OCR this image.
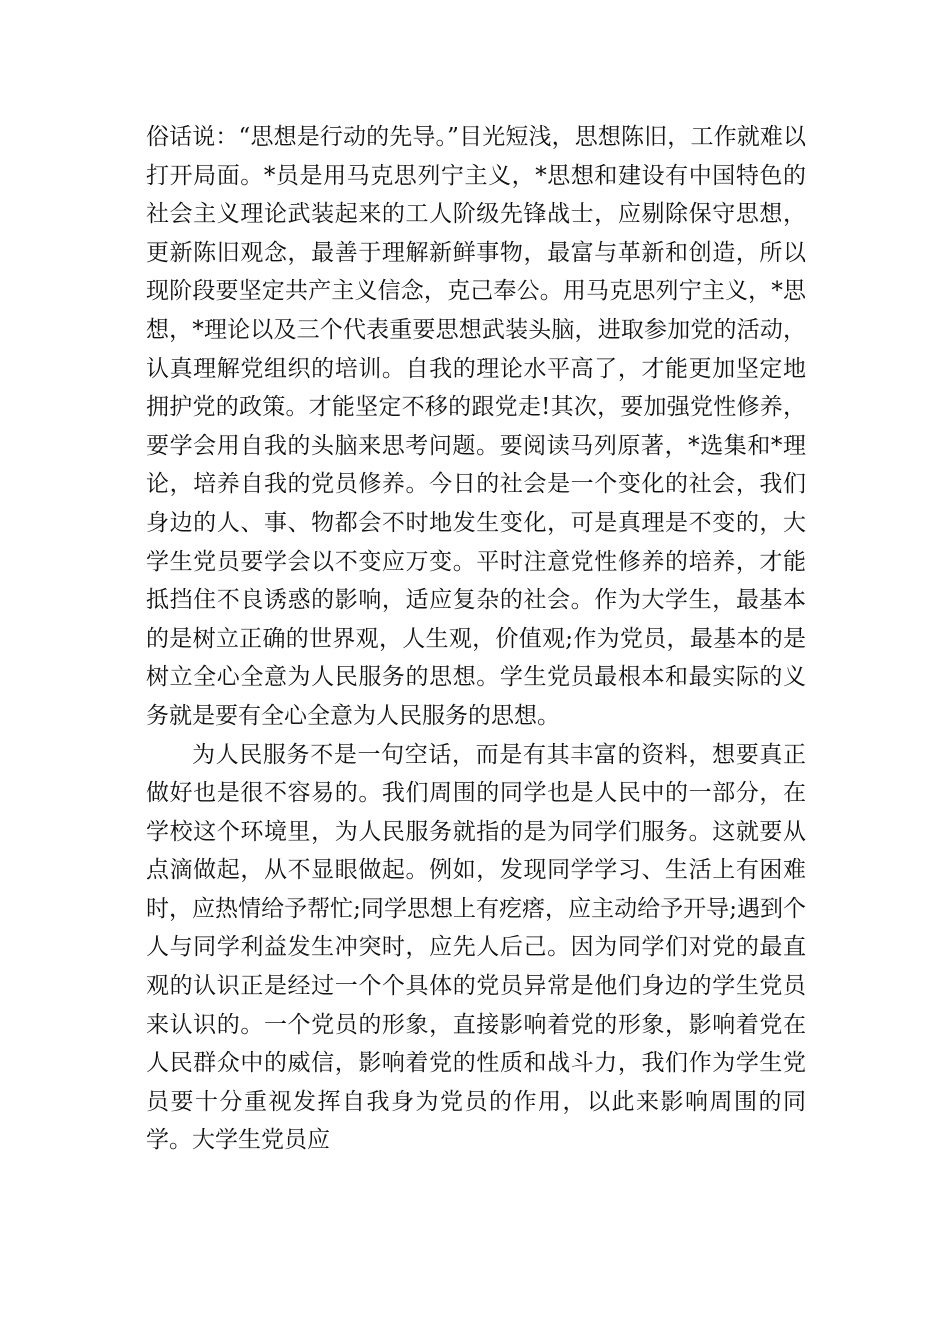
俗话说：“思想是行动的先导。”目光短浅，思想陈旧，工作就难以打开局面。*员是用马克思列宁主义，*思想和建设有中国特色的社会主义理论武装起来的工人阶级先锋战士，应剔除保守思想，更新陈旧观念，最善于理解新鲜事物，最富与革新和创造，所以现阶段要坚定共产主义信念，克己奉公。用马克思列宁主义，*思想，*理论以及三个代表重要思想武装头脑，进取参加党的活动，认真理解党组织的培训。自我的理论水平高了，才能更加坚定地拥护党的政策。才能坚定不移的跟党走!其次，要加强党性修养，要学会用自我的头脑来思考问题。要阅读马列原著，*选集和*理论，培养自我的党员修养。今日的社会是一个变化的社会，我们身边的人、事、物都会不时地发生变化，可是真理是不变的，大学生党员要学会以不变应万变。平时注意党性修养的培养，才能抵挡住不良诱惑的影响，适应复杂的社会。作为大学生，最基本的是树立正确的世界观，人生观，价值观;作为党员，最基本的是树立全心全意为人民服务的思想。学生党员最根本和最实际的义务就是要有全心全意为人民服务的思想。

为人民服务不是一句空话，而是有其丰富的资料，想要真正做好也是很不容易的。我们周围的同学也是人民中的一部分，在学校这个环境里，为人民服务就指的是为同学们服务。这就要从点滴做起，从不显眼做起。例如，发现同学学习、生活上有困难时，应热情给予帮忙;同学思想上有疙瘩，应主动给予开导;遇到个人与同学利益发生冲突时，应先人后己。因为同学们对党的最直观的认识正是经过一个个具体的党员异常是他们身边的学生党员来认识的。一个党员的形象，直接影响着党的形象，影响着党在人民群众中的威信，影响着党的性质和战斗力，我们作为学生党员要十分重视发挥自我身为党员的作用，以此来影响周围的同学。大学生党员应
